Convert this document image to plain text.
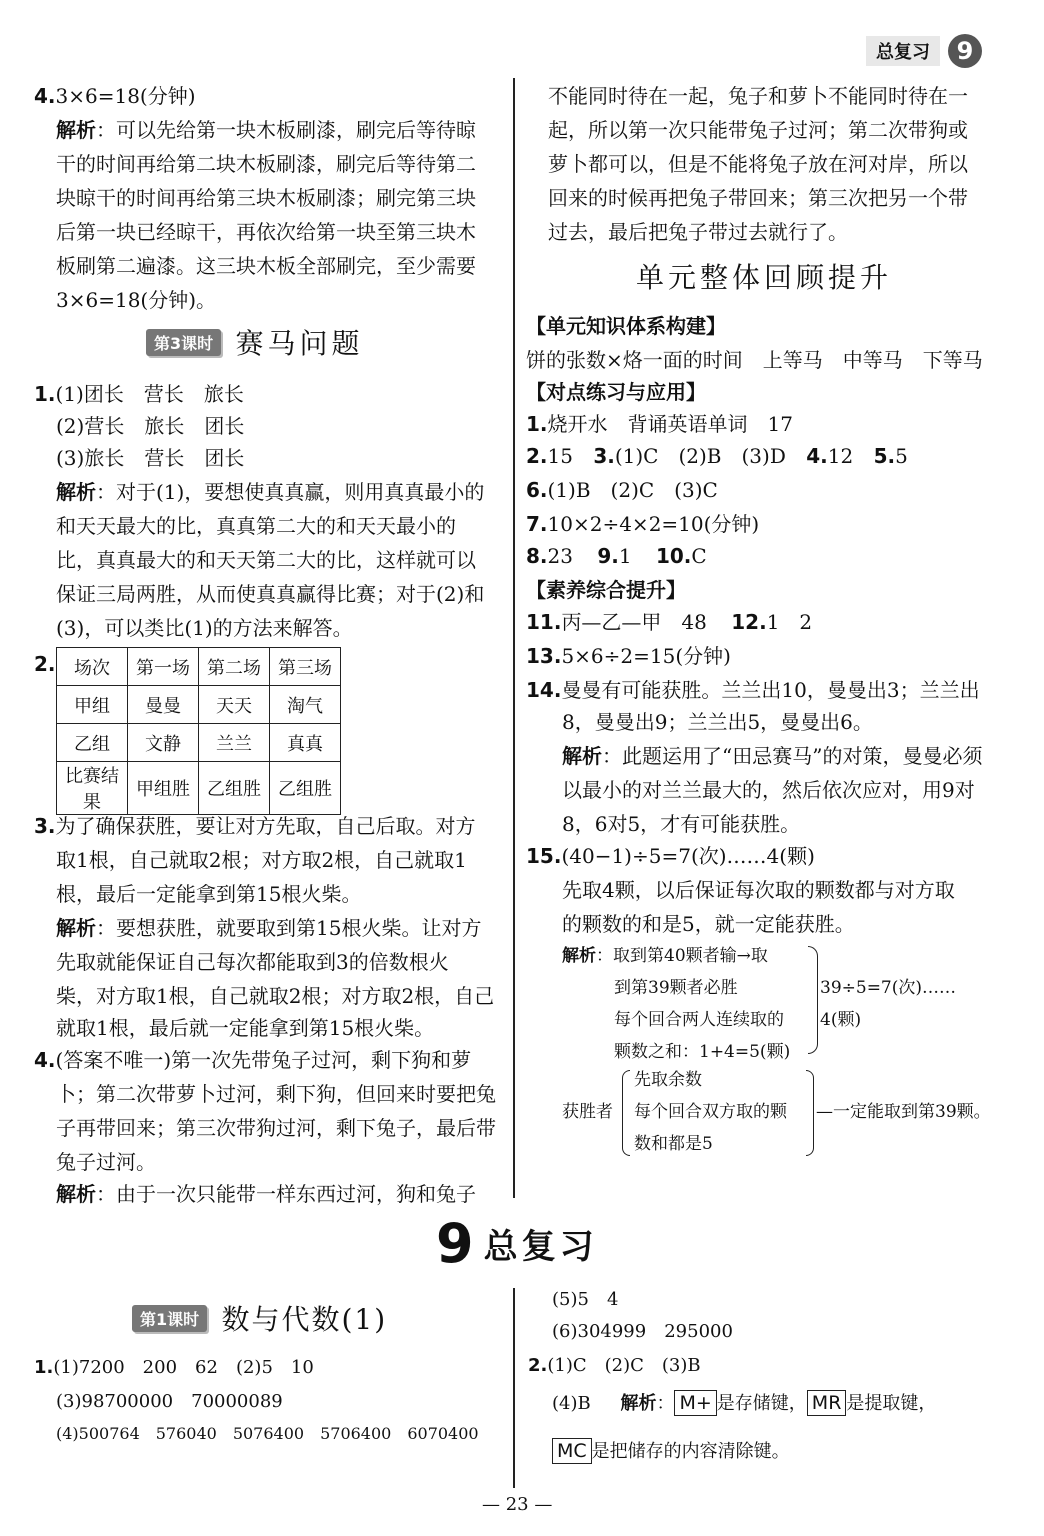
总复习	9
4.3×6=18(分钟)
解析：可以先给第一块木板刷漆，刷完后等待晾
干的时间再给第二块木板刷漆，刷完后等待第二
块晾干的时间再给第三块木板刷漆；刷完第三块
后第一块已经晾干，再依次给第一块至第三块木
板刷第二遍漆。这三块木板全部刷完，至少需要
3×6=18(分钟)。
第3课时 赛马问题
1.(1)团长　营长　旅长
(2)营长　旅长　团长
(3)旅长　营长　团长
解析：对于(1)，要想使真真赢，则用真真最小的
和天天最大的比，真真第二大的和天天最小的
比，真真最大的和天天第二大的比，这样就可以
保证三局两胜，从而使真真赢得比赛；对于(2)和
(3)，可以类比(1)的方法来解答。
2. 场次	第一场	第二场	第三场
甲组	曼曼	天天	淘气
乙组	文静	兰兰	真真
比赛结果	甲组胜	乙组胜	乙组胜
3.为了确保获胜，要让对方先取，自己后取。对方
取1根，自己就取2根；对方取2根，自己就取1
根，最后一定能拿到第15根火柴。
解析：要想获胜，就要取到第15根火柴。让对方
先取就能保证自己每次都能取到3的倍数根火
柴，对方取1根，自己就取2根；对方取2根，自己
就取1根，最后就一定能拿到第15根火柴。
4.(答案不唯一)第一次先带兔子过河，剩下狗和萝
卜；第二次带萝卜过河，剩下狗，但回来时要把兔
子再带回来；第三次带狗过河，剩下兔子，最后带
兔子过河。
解析：由于一次只能带一样东西过河，狗和兔子
不能同时待在一起，兔子和萝卜不能同时待在一
起，所以第一次只能带兔子过河；第二次带狗或
萝卜都可以，但是不能将兔子放在河对岸，所以
回来的时候再把兔子带回来；第三次把另一个带
过去，最后把兔子带过去就行了。
单元整体回顾提升
【单元知识体系构建】
饼的张数×烙一面的时间　上等马　中等马　下等马
【对点练习与应用】
1.烧开水　背诵英语单词　17
2.15 3.(1)C　(2)B　(3)D 4.12 5.5
6.(1)B　(2)C　(3)C
7.10×2÷4×2=10(分钟)
8.23 9.1 10.C
【素养综合提升】
11.丙—乙—甲　48 12.1　2
13.5×6÷2=15(分钟)
14.曼曼有可能获胜。兰兰出10，曼曼出3；兰兰出
8，曼曼出9；兰兰出5，曼曼出6。
解析：此题运用了“田忌赛马”的对策，曼曼必须
以最小的对兰兰最大的，然后依次应对，用9对
8，6对5，才有可能获胜。
15.(40−1)÷5=7(次)……4(颗)
先取4颗，以后保证每次取的颗数都与对方取
的颗数的和是5，就一定能获胜。
解析：取到第40颗者输→取
到第39颗者必胜
每个回合两人连续取的
颗数之和：1+4=5(颗)
39÷5=7(次)……
4(颗)
获胜者
先取余数
每个回合双方取的颗
数和都是5
—一定能取到第39颗。
9 总复习
第1课时 数与代数(1)
1.(1)7200　200　62　(2)5　10
(3)98700000　70000089
(4)500764　576040　5076400　5706400　6070400
(5)5　4
(6)304999　295000
2.(1)C　(2)C　(3)B
(4)B 解析： M+ 是存储键， MR 是提取键，
MC 是把储存的内容清除键。
— 23 —
